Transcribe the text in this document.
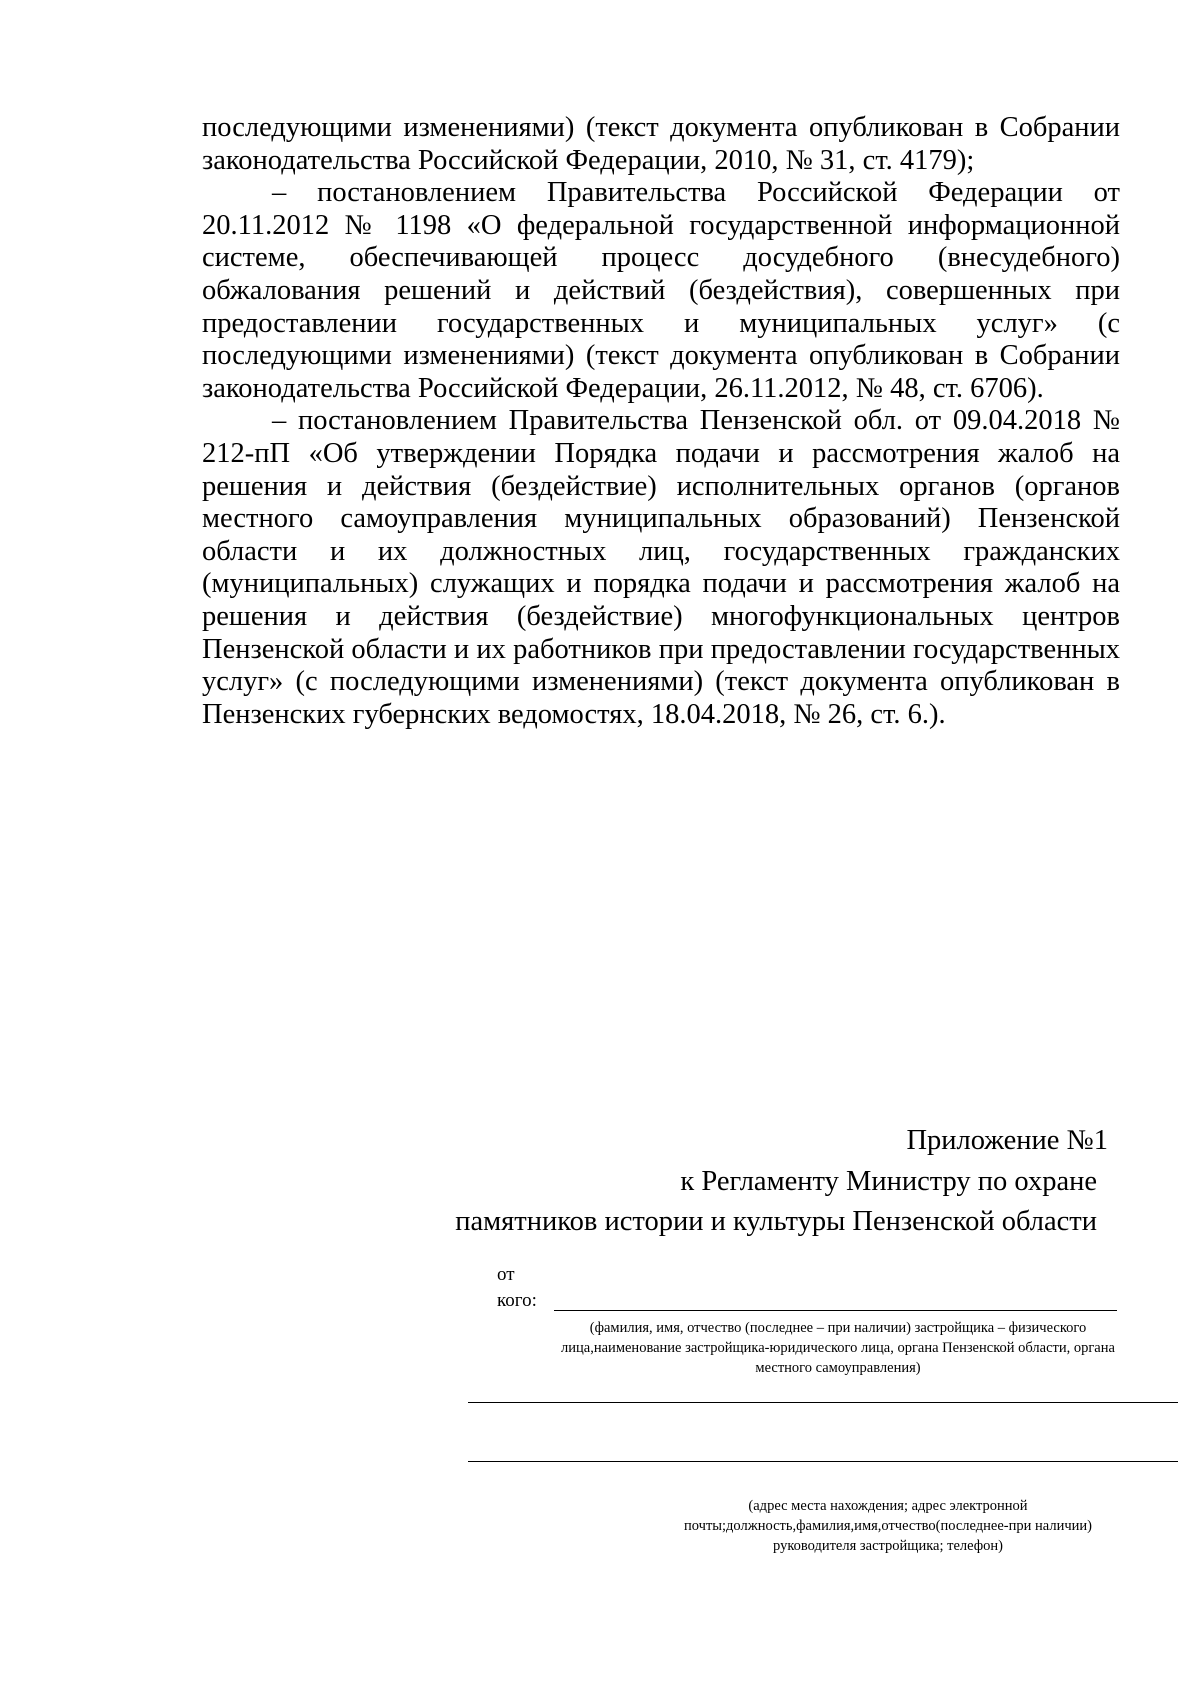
последующими изменениями) (текст документа опубликован в Собрании законодательства Российской Федерации, 2010, № 31, ст. 4179);

– постановлением Правительства Российской Федерации от 20.11.2012 № 1198 «О федеральной государственной информационной системе, обеспечивающей процесс досудебного (внесудебного) обжалования решений и действий (бездействия), совершенных при предоставлении государственных и муниципальных услуг» (с последующими изменениями) (текст документа опубликован в Собрании законодательства Российской Федерации, 26.11.2012, № 48, ст. 6706).

– постановлением Правительства Пензенской обл. от 09.04.2018 № 212-пП «Об утверждении Порядка подачи и рассмотрения жалоб на решения и действия (бездействие) исполнительных органов (органов местного самоуправления муниципальных образований) Пензенской области и их должностных лиц, государственных гражданских (муниципальных) служащих и порядка подачи и рассмотрения жалоб на решения и действия (бездействие) многофункциональных центров Пензенской области и их работников при предоставлении государственных услуг» (с последующими изменениями) (текст документа опубликован в Пензенских губернских ведомостях, 18.04.2018, № 26, ст. 6.).

Приложение №1
к Регламенту Министру по охране
памятников истории и культуры Пензенской области
от
кого:
(фамилия, имя, отчество (последнее – при наличии) застройщика – физического лица,наименование застройщика-юридического лица, органа Пензенской области, органа местного самоуправления)
(адрес места нахождения; адрес электронной почты;должность,фамилия,имя,отчество(последнее-при наличии) руководителя застройщика; телефон)
